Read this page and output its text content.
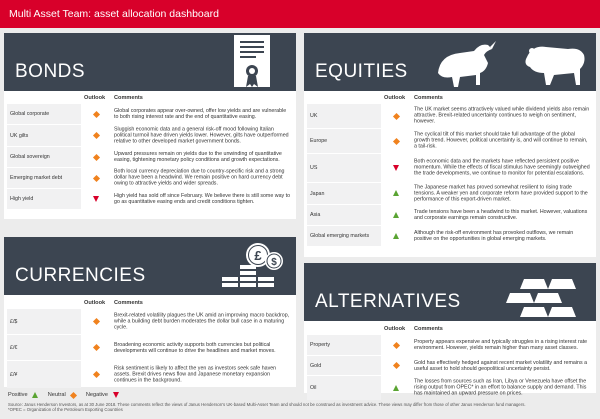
Multi Asset Team: asset allocation dashboard
BONDS
Outlook Comments
Global corporate
Global corporates appear over-owned, offer low yields and are vulnerable to both rising interest rate and the end of quantitative easing.
UK gilts
Sluggish economic data and a general risk-off mood following Italian political turmoil have driven yields lower. However, gilts have outperformed relative to other developed market government bonds.
Global sovereign
Upward pressures remain on yields due to the unwinding of quantitative easing, tightening monetary policy conditions and growth expectations.
Emerging market debt
Both local currency depreciation due to country-specific risk and a strong dollar have been a headwind. We remain positive on hard currency debt owing to attractive yields and wider spreads.
High yield
High yield has sold off since February. We believe there is still some way to go as quantitative easing ends and credit conditions tighten.
CURRENCIES
£ $
Outlook Comments
£/$
Brexit-related volatility plagues the UK amid an improving macro backdrop, while a building debt burden moderates the dollar bull case in a maturing cycle.
£/€
Broadening economic activity supports both currencies but political developments will continue to drive the headlines and market moves.
£/¥
Risk sentiment is likely to affect the yen as investors seek safe haven assets. Brexit drives news flow and Japanese monetary expansion continues in the background.
EQUITIES
Outlook Comments
UK
The UK market seems attractively valued while dividend yields also remain attractive. Brexit-related uncertainty continues to weigh on sentiment, however.
Europe
The cyclical tilt of this market should take full advantage of the global growth trend. However, political uncertainty is, and will continue to remain, a tail-risk.
US
Both economic data and the markets have reflected persistent positive momentum. While the effects of fiscal stimulus have seemingly outweighed the trade developments, we continue to monitor for potential escalations.
Japan
The Japanese market has proved somewhat resilient to rising trade tensions. A weaker yen and corporate reform have provided support to the performance of this export-driven market.
Asia
Trade tensions have been a headwind to this market. However, valuations and corporate earnings remain constructive.
Global emerging markets
Although the risk-off environment has provoked outflows, we remain positive on the opportunities in global emerging markets.
ALTERNATIVES
Outlook Comments
Property
Property appears expensive and typically struggles in a rising interest rate environment. However, yields remain higher than many asset classes.
Gold
Gold has effectively hedged against recent market volatility and remains a useful asset to hold should geopolitical uncertainty persist.
Oil
The losses from sources such as Iran, Libya or Venezuela have offset the rising output from OPEC* in an effort to balance supply and demand. This has maintained an upward pressure on prices.
Positive	Neutral	Negative
Source: Janus Henderson Investors, as at 30 June 2018. These comments reflect the views of Janus Henderson's UK-based Multi-Asset Team and should not be construed as investment advice. These views may differ from those of other Janus Henderson fund managers.
*OPEC = Organization of the Petroleum Exporting Countries
